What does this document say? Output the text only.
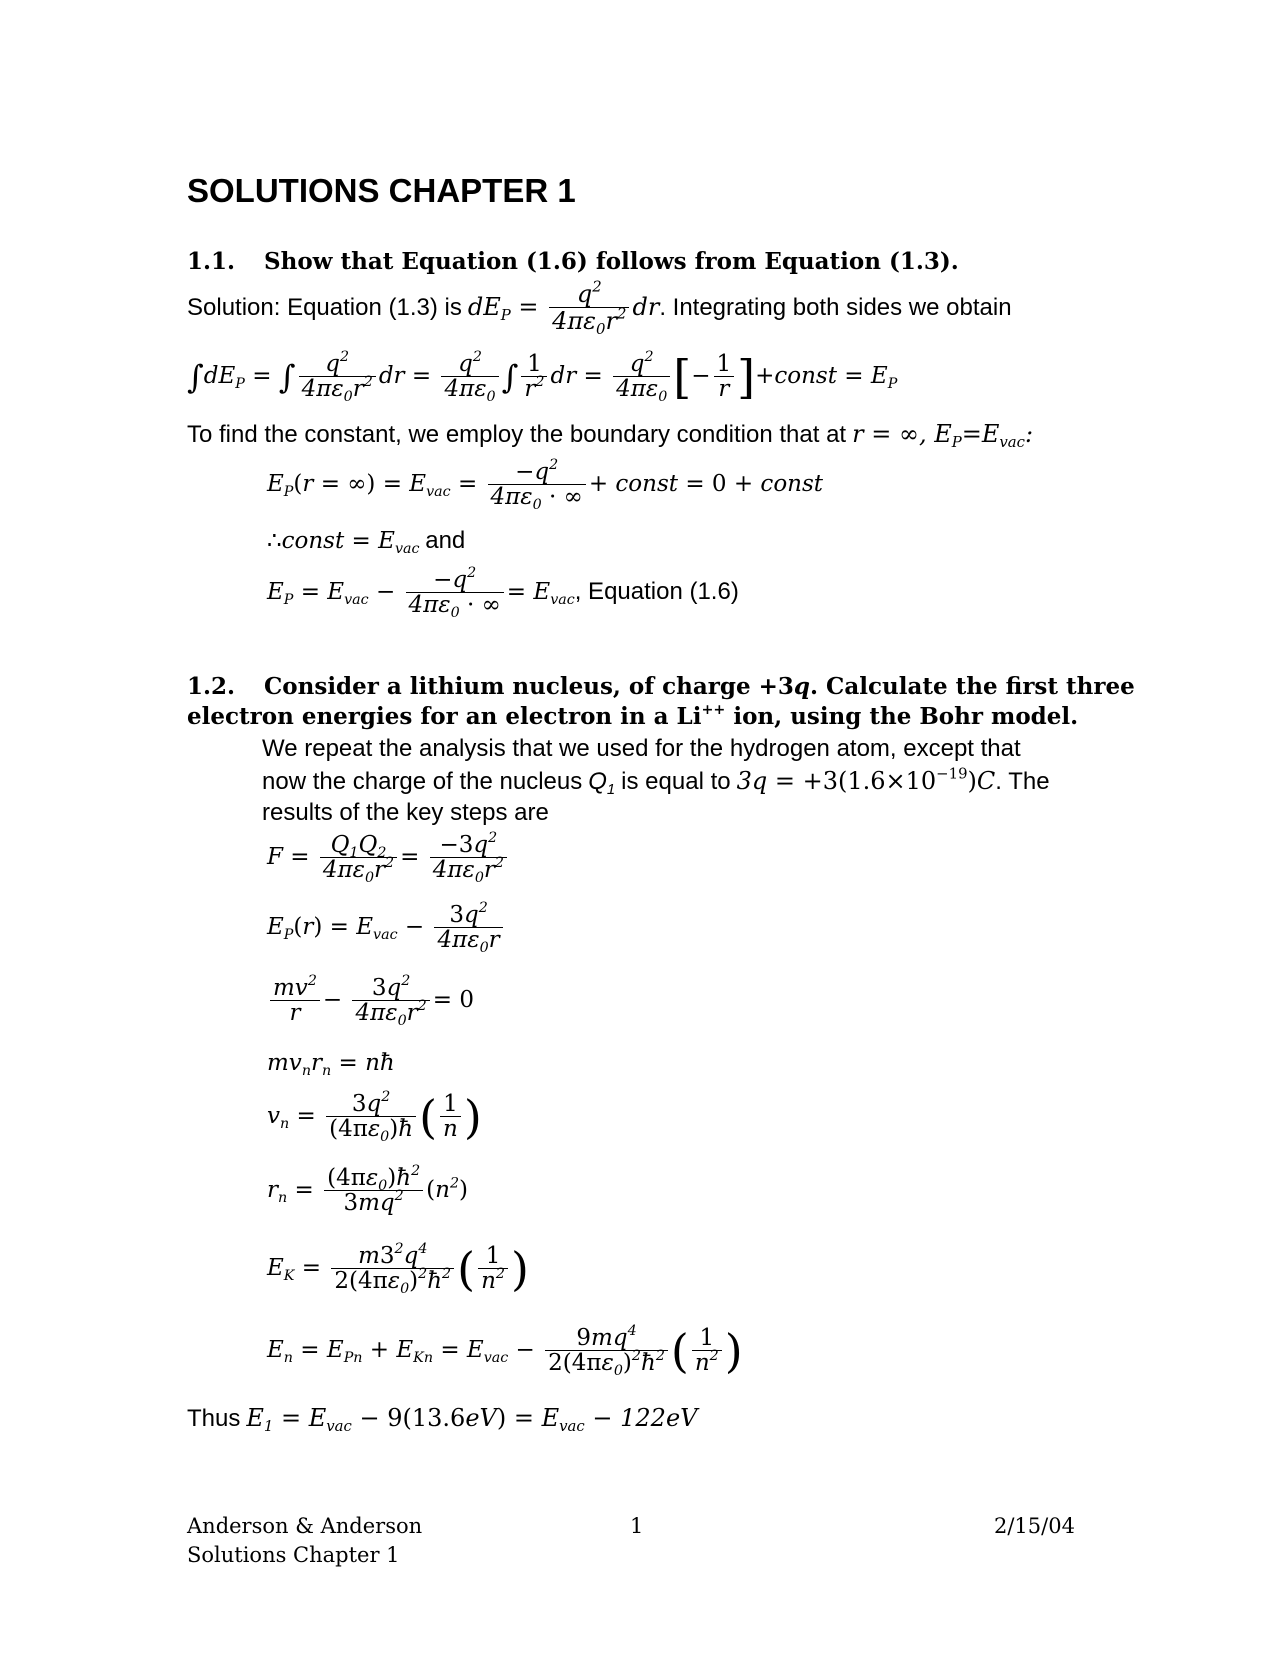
SOLUTIONS CHAPTER 1
1.1. Show that Equation (1.6) follows from Equation (1.3).
Solution: Equation (1.3) is $dE_P = \frac{q^2}{4\pi\varepsilon_0r^2}$ dr. Integrating both sides we obtain
$\int dE_P$ = ∫ $\frac{q^2}{4\pi\varepsilon_0r^2}$ dr = $\frac{q^2}{4\pi\varepsilon_0}$ ∫ $\frac{1}{r^2}$ dr = $\frac{q^2}{4\pi\varepsilon_0}$ [− $\frac{1}{r}$ ]+const = $E_P$
To find the constant, we employ the boundary condition that at r = ∞, $E_P=E_{vac}$:
$E_P(r$ = ∞) = $E_{vac} = \frac{-q^2}{4\pi\varepsilon_0 \cdot \infty}$ + const = 0 + const
∴const = $E_{vac}$ and
$E_P = E_{vac} - \frac{-q^2}{4\pi\varepsilon_0 \cdot \infty} = E_{vac}$, Equation (1.6)
1.2. Consider a lithium nucleus, of charge +3q. Calculate the first three
electron energies for an electron in a Li++ ion, using the Bohr model.
We repeat the analysis that we used for the hydrogen atom, except that
now the charge of the nucleus $Q_1$ is equal to $3q = +3(1.6\times 10^{-19})C$. The
results of the key steps are
$F = \frac{Q_1Q_2}{4\pi\varepsilon_0r^2} = \frac{-3q^2}{4\pi\varepsilon_0r^2}$
$E_P(r) = E_{vac} - \frac{3q^2}{4\pi\varepsilon_0r}$
$\frac{mv^2}{r} - \frac{3q^2}{4\pi\varepsilon_0r^2} = 0$
$mv_nr_n$ = nħ
$v_n = \frac{3q^2}{(4\pi\varepsilon_0)ħ}$ ( $\frac{1}{n}$ )
$r_n = \frac{(4\pi\varepsilon_0)ħ^2}{3mq^2} (n^2)$
$E_K = \frac{m3^2q^4}{2(4\pi\varepsilon_0)^2ħ^2}$ ( $\frac{1}{n^2}$ )
$E_n = E_{Pn} + E_{Kn} = E_{vac} - \frac{9mq^4}{2(4\pi\varepsilon_0)^2ħ^2}$ ( $\frac{1}{n^2}$ )
Thus $E_1 = E_{vac} - 9(13.6eV) = E_{vac} - 122eV$
Anderson & Anderson
Solutions Chapter 1
1	2/15/04
